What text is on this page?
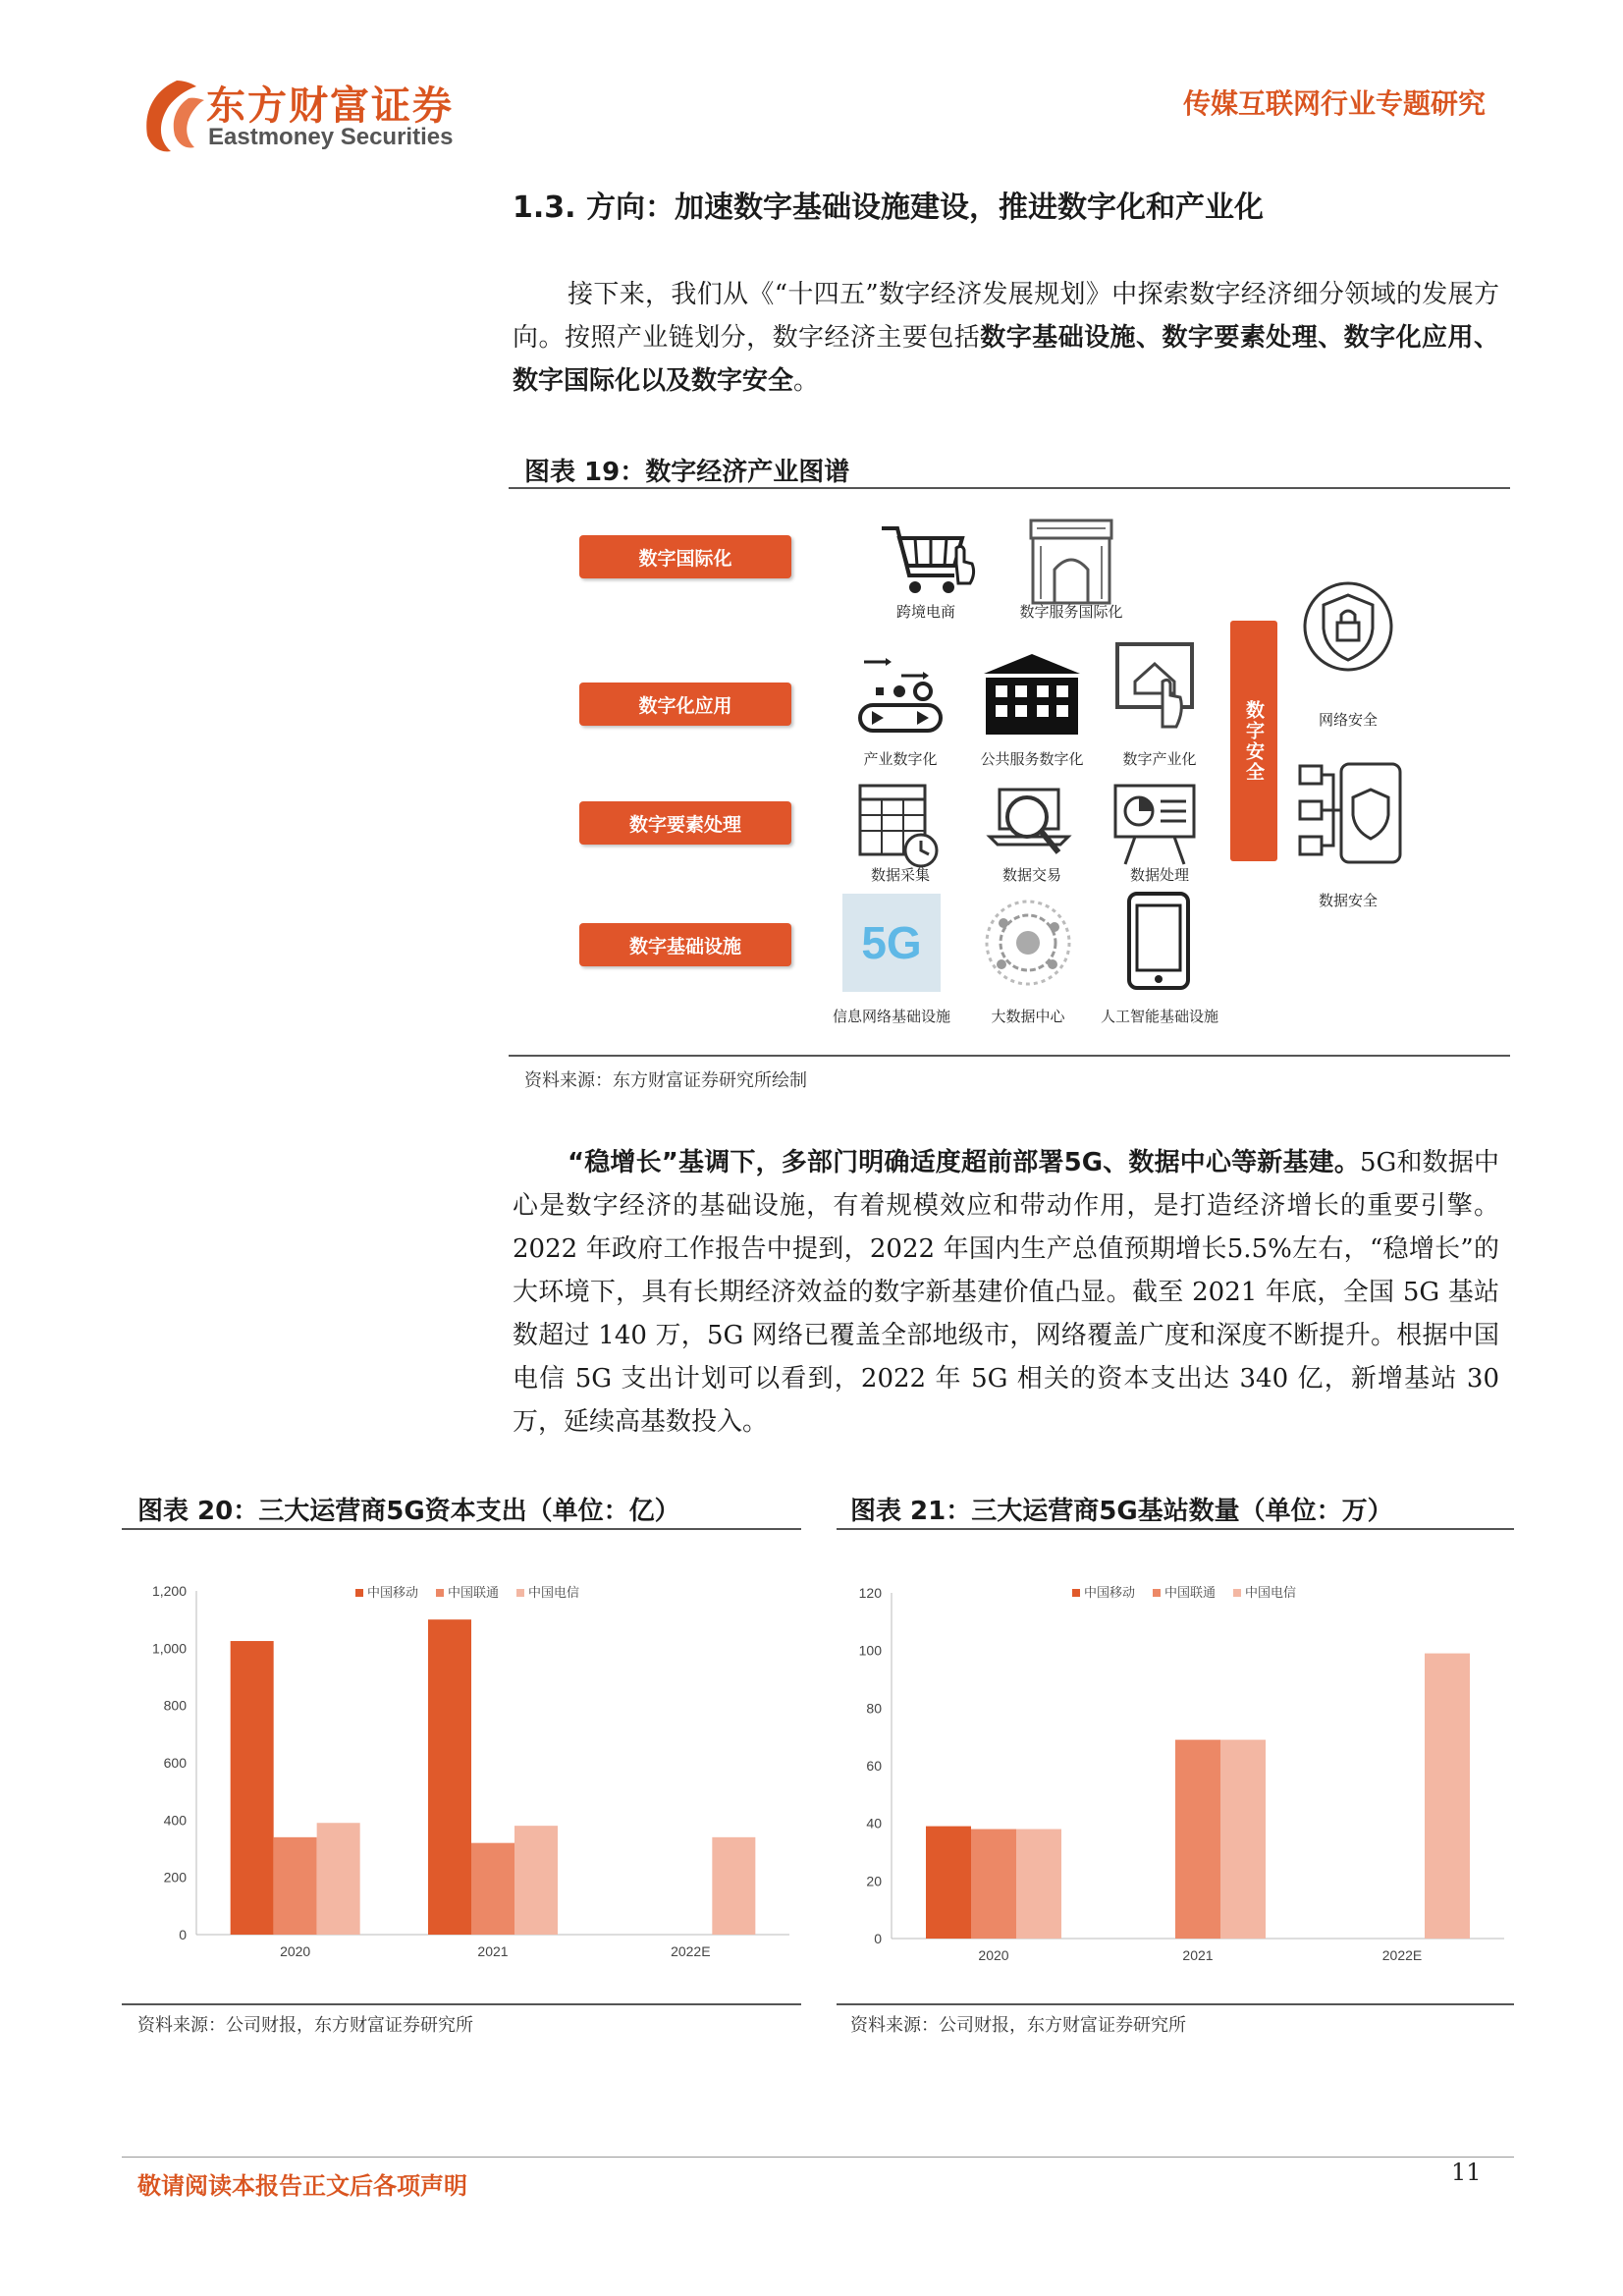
东方财富证券
Eastmoney Securities
传媒互联网行业专题研究
1.3. 方向：加速数字基础设施建设，推进数字化和产业化
接下来，我们从《“十四五”数字经济发展规划》中探索数字经济细分领域的发展方向。按照产业链划分，数字经济主要包括数字基础设施、数字要素处理、数字化应用、数字国际化以及数字安全。
图表 19：数字经济产业图谱
数字国际化
数字化应用
数字要素处理
数字基础设施
跨境电商	数字服务国际化
产业数字化	公共服务数字化	数字产业化
数据采集	数据交易	数据处理
5G
信息网络基础设施	大数据中心	人工智能基础设施
数字安全	网络安全
数据安全
资料来源：东方财富证券研究所绘制
“稳增长”基调下，多部门明确适度超前部署5G、数据中心等新基建。5G和数据中心是数字经济的基础设施，有着规模效应和带动作用，是打造经济增长的重要引擎。2022 年政府工作报告中提到，2022 年国内生产总值预期增长5.5%左右，“稳增长”的大环境下，具有长期经济效益的数字新基建价值凸显。截至 2021 年底，全国 5G 基站数超过 140 万，5G 网络已覆盖全部地级市，网络覆盖广度和深度不断提升。根据中国电信 5G 支出计划可以看到，2022 年 5G 相关的资本支出达 340 亿，新增基站 30 万，延续高基数投入。
图表 20：三大运营商5G资本支出（单位：亿）
0
200
400
600
800
1,000
1,200
2020	2021	2022E
中国移动 中国联通 中国电信
资料来源：公司财报，东方财富证券研究所
图表 21：三大运营商5G基站数量（单位：万）
0
20
40
60
80
100
120
2020	2021	2022E
中国移动 中国联通 中国电信
资料来源：公司财报，东方财富证券研究所
敬请阅读本报告正文后各项声明	11
